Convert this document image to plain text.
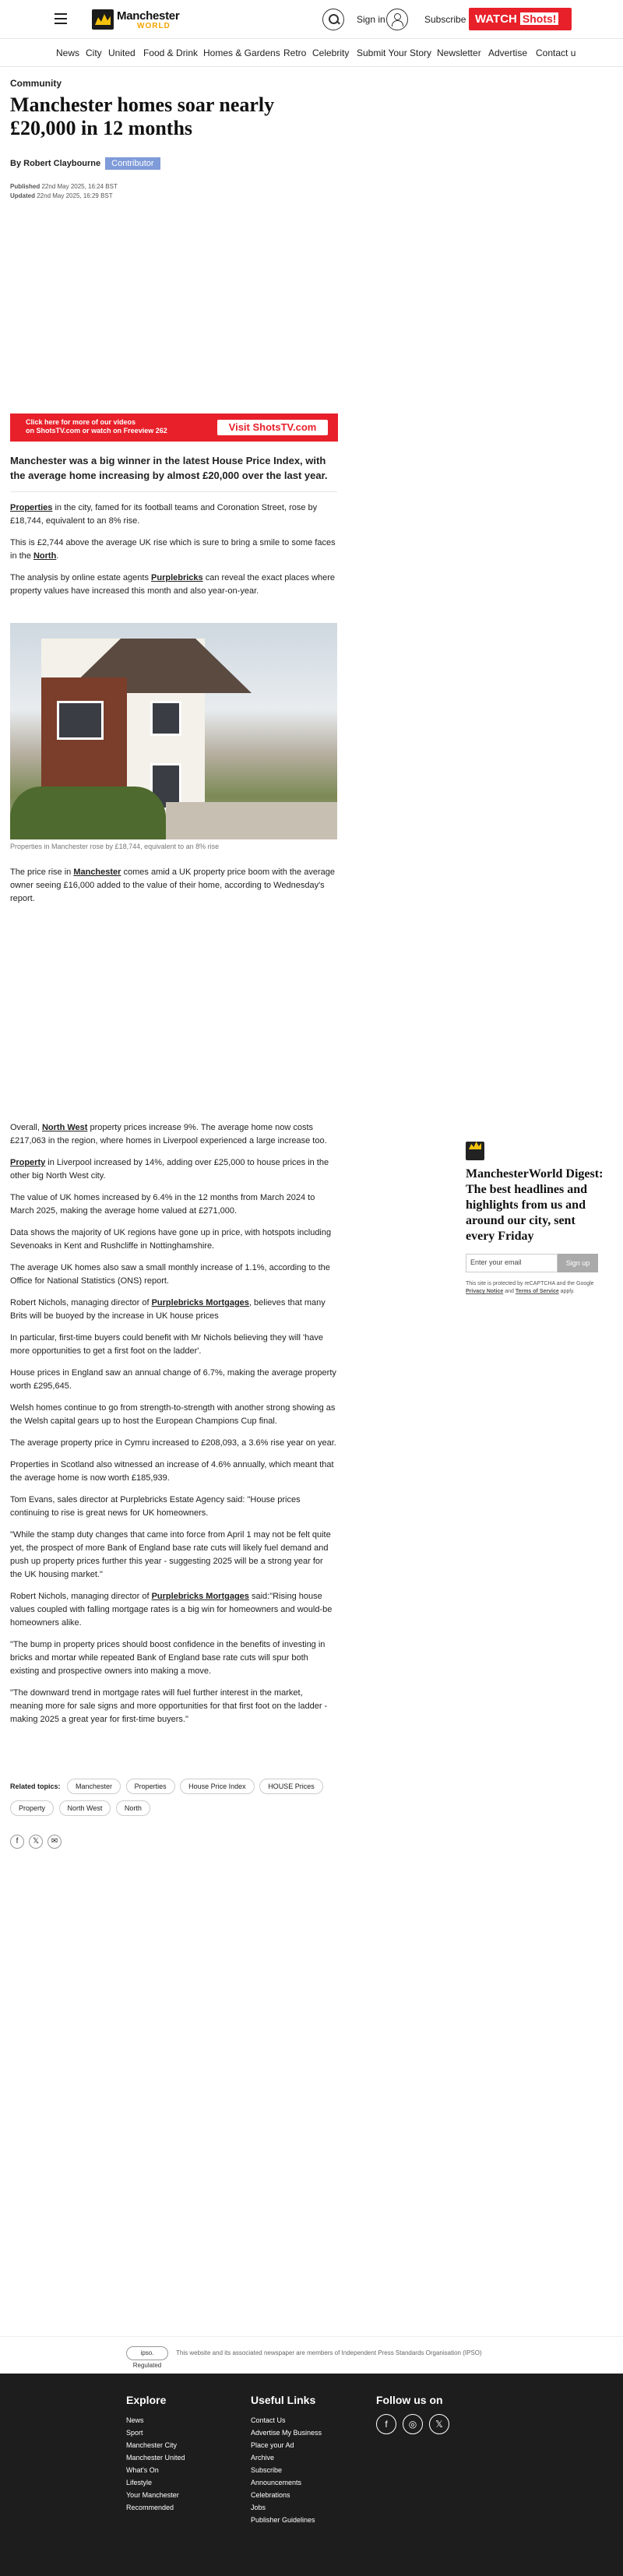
Manchester
WORLD
Sign in	Subscribe WATCH Shots!
News City United Food & Drink Homes & Gardens Retro Celebrity Submit Your Story Newsletter Advertise Contact u
Community
Manchester homes soar nearly £20,000 in 12 months
By
Robert Claybourne	Contributor
Published 22nd May 2025, 16:24 BST
Updated 22nd May 2025, 16:29 BST
Click here for more of our videos
on ShotsTV.com or watch on Freeview 262	Visit ShotsTV.com

Manchester was a big winner in the latest House Price Index, with the average home increasing by almost £20,000 over the last year.

Properties in the city, famed for its football teams and Coronation Street, rose by £18,744, equivalent to an 8% rise.

This is £2,744 above the average UK rise which is sure to bring a smile to some faces in the North.

The analysis by online estate agents Purplebricks can reveal the exact places where property values have increased this month and also year-on-year.

Properties in Manchester rose by £18,744, equivalent to an 8% rise

The price rise in Manchester comes amid a UK property price boom with the average owner seeing £16,000 added to the value of their home, according to Wednesday's report.

Overall, North West property prices increase 9%. The average home now costs £217,063 in the region, where homes in Liverpool experienced a large increase too.

Property in Liverpool increased by 14%, adding over £25,000 to house prices in the other big North West city.

The value of UK homes increased by 6.4% in the 12 months from March 2024 to March 2025, making the average home valued at £271,000.

Data shows the majority of UK regions have gone up in price, with hotspots including Sevenoaks in Kent and Rushcliffe in Nottinghamshire.

The average UK homes also saw a small monthly increase of 1.1%, according to the Office for National Statistics (ONS) report.

Robert Nichols, managing director of Purplebricks Mortgages, believes that many Brits will be buoyed by the increase in UK house prices

In particular, first-time buyers could benefit with Mr Nichols believing they will 'have more opportunities to get a first foot on the ladder'.

House prices in England saw an annual change of 6.7%, making the average property worth £295,645.

Welsh homes continue to go from strength-to-strength with another strong showing as the Welsh capital gears up to host the European Champions Cup final.

The average property price in Cymru increased to £208,093, a 3.6% rise year on year.

Properties in Scotland also witnessed an increase of 4.6% annually, which meant that the average home is now worth £185,939.

Tom Evans, sales director at Purplebricks Estate Agency said: "House prices continuing to rise is great news for UK homeowners.

"While the stamp duty changes that came into force from April 1 may not be felt quite yet, the prospect of more Bank of England base rate cuts will likely fuel demand and push up property prices further this year - suggesting 2025 will be a strong year for the UK housing market."

Robert Nichols, managing director of Purplebricks Mortgages said:"Rising house values coupled with falling mortgage rates is a big win for homeowners and would-be homeowners alike.

"The bump in property prices should boost confidence in the benefits of investing in bricks and mortar while repeated Bank of England base rate cuts will spur both existing and prospective owners into making a move.

"The downward trend in mortgage rates will fuel further interest in the market, meaning more for sale signs and more opportunities for that first foot on the ladder - making 2025 a great year for first-time buyers."

ManchesterWorld Digest: The best headlines and highlights from us and around our city, sent every Friday
Enter your email	Sign up
This site is protected by reCAPTCHA and the Google Privacy Notice and Terms of Service apply.
Related topics: Manchester	Properties	House Price Index	HOUSE Prices
Property	North West	North
f	𝕏	✉
ipso. Regulated
This website and its associated newspaper are members of Independent Press Standards Organisation (IPSO)
Explore
News
Sport
Manchester City
Manchester United
What's On
Lifestyle
Your Manchester
Recommended
Useful Links
Contact Us
Advertise My Business
Place your Ad
Archive
Subscribe
Announcements
Celebrations
Jobs
Publisher Guidelines
Follow us on
f	◎	𝕏
